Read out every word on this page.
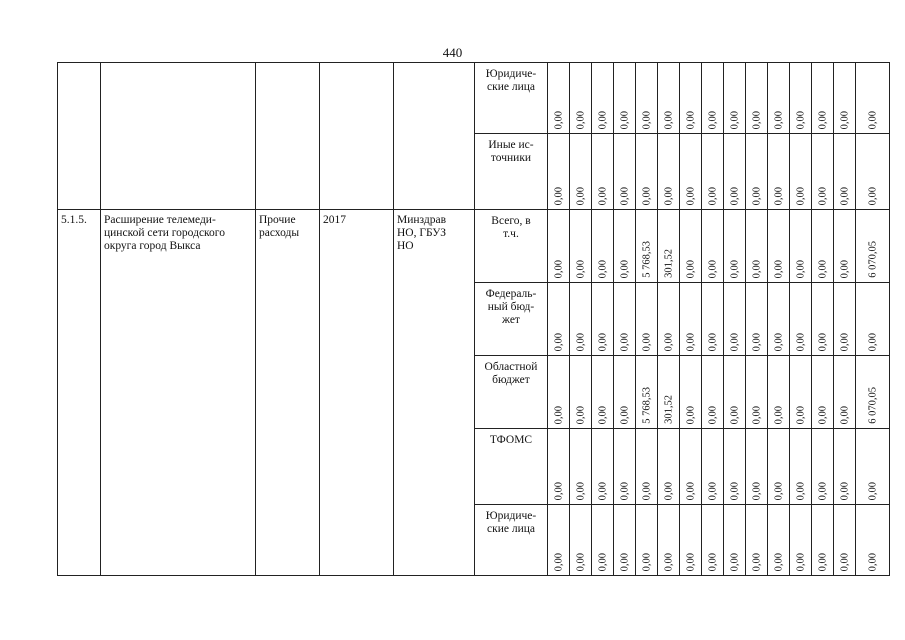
440

					Юридиче-
ские лица	0,00	0,00	0,00	0,00	0,00	0,00	0,00	0,00	0,00	0,00	0,00	0,00	0,00	0,00	0,00

					Иные ис-
точники	0,00	0,00	0,00	0,00	0,00	0,00	0,00	0,00	0,00	0,00	0,00	0,00	0,00	0,00	0,00

5.1.5.	Расширение телемеди-
цинской сети городского
округа город Выкса	Прочие
расходы	2017	Минздрав
НО, ГБУЗ
НО	Всего, в
т.ч.	0,00	0,00	0,00	0,00	5 768,53	301,52	0,00	0,00	0,00	0,00	0,00	0,00	0,00	0,00	6 070,05

					Федераль-
ный бюд-
жет	0,00	0,00	0,00	0,00	0,00	0,00	0,00	0,00	0,00	0,00	0,00	0,00	0,00	0,00	0,00

					Областной
бюджет	0,00	0,00	0,00	0,00	5 768,53	301,52	0,00	0,00	0,00	0,00	0,00	0,00	0,00	0,00	6 070,05

					ТФОМС	0,00	0,00	0,00	0,00	0,00	0,00	0,00	0,00	0,00	0,00	0,00	0,00	0,00	0,00	0,00

					Юридиче-
ские лица	0,00	0,00	0,00	0,00	0,00	0,00	0,00	0,00	0,00	0,00	0,00	0,00	0,00	0,00	0,00
